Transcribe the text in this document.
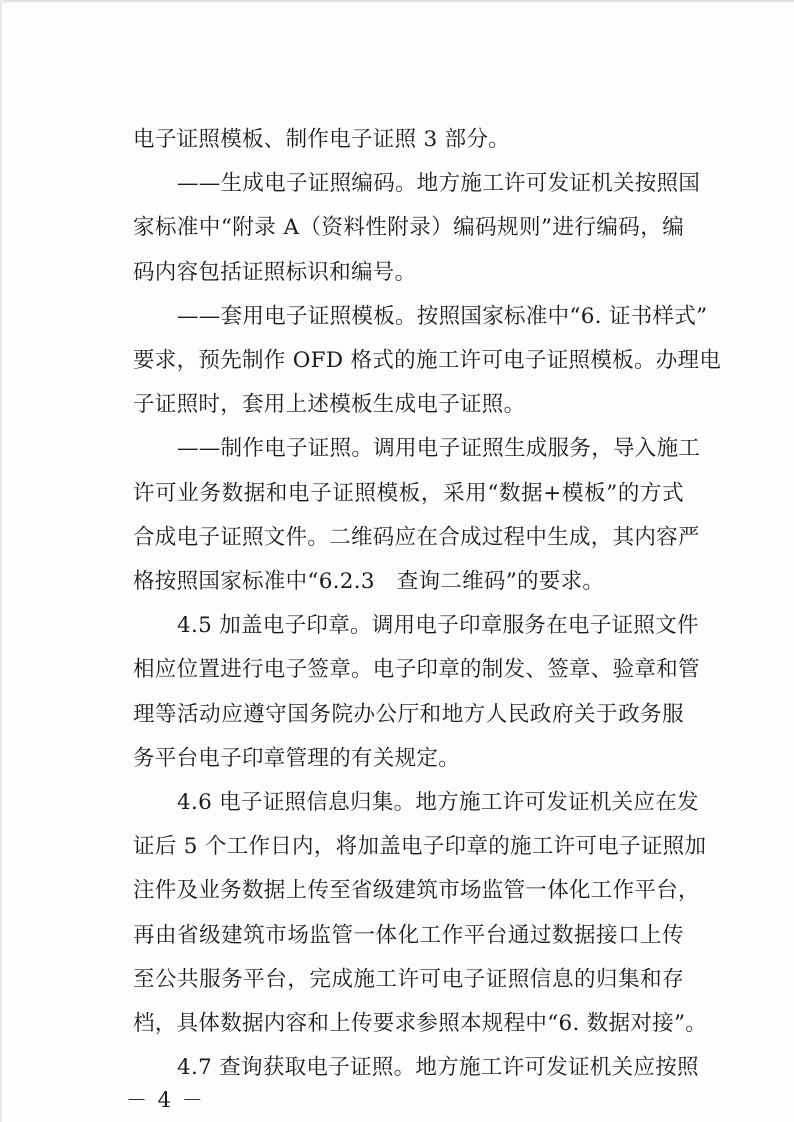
电子证照模板、制作电子证照 3 部分。

——生成电子证照编码。地方施工许可发证机关按照国

家标准中“附录 A（资料性附录）编码规则”进行编码，编

码内容包括证照标识和编号。

——套用电子证照模板。按照国家标准中“6. 证书样式”

要求，预先制作 OFD 格式的施工许可电子证照模板。办理电

子证照时，套用上述模板生成电子证照。

——制作电子证照。调用电子证照生成服务，导入施工

许可业务数据和电子证照模板，采用“数据+模板”的方式

合成电子证照文件。二维码应在合成过程中生成，其内容严

格按照国家标准中“6.2.3　查询二维码”的要求。

4.5 加盖电子印章。调用电子印章服务在电子证照文件

相应位置进行电子签章。电子印章的制发、签章、验章和管

理等活动应遵守国务院办公厅和地方人民政府关于政务服

务平台电子印章管理的有关规定。

4.6 电子证照信息归集。地方施工许可发证机关应在发

证后 5 个工作日内，将加盖电子印章的施工许可电子证照加

注件及业务数据上传至省级建筑市场监管一体化工作平台，

再由省级建筑市场监管一体化工作平台通过数据接口上传

至公共服务平台，完成施工许可电子证照信息的归集和存

档，具体数据内容和上传要求参照本规程中“6. 数据对接”。

－ 4 －

4.7 查询获取电子证照。地方施工许可发证机关应按照
